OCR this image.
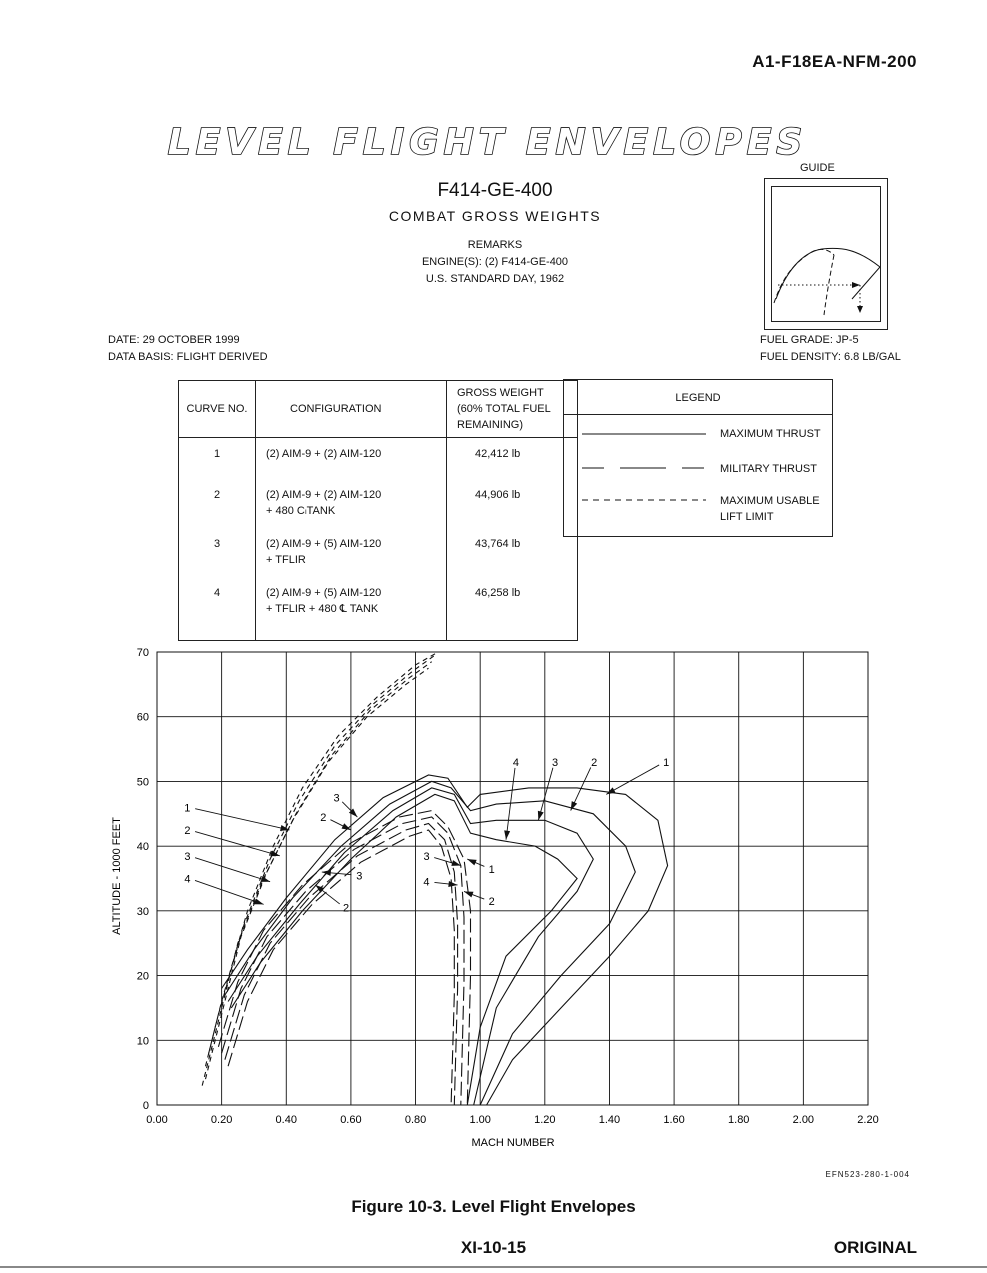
A1-F18EA-NFM-200
LEVEL FLIGHT ENVELOPES
F414-GE-400
COMBAT GROSS WEIGHTS
REMARKS
ENGINE(S): (2) F414-GE-400
U.S. STANDARD DAY, 1962
GUIDE
DATE: 29 OCTOBER 1999
DATA BASIS: FLIGHT DERIVED
FUEL GRADE: JP-5
FUEL DENSITY: 6.8 LB/GAL
CURVE NO.	CONFIGURATION	GROSS WEIGHT
(60% TOTAL FUEL
REMAINING)

1	(2) AIM-9 + (2) AIM-120	42,412 lb
2	(2) AIM-9 + (2) AIM-120
+ 480 CₗTANK	44,906 lb
3	(2) AIM-9 + (5) AIM-120
+ TFLIR	43,764 lb
4	(2) AIM-9 + (5) AIM-120
+ TFLIR + 480 ℄ TANK	46,258 lb
LEGEND
MAXIMUM THRUST
MILITARY THRUST
MAXIMUM USABLE
LIFT LIMIT
1
2
3
4
3
2
3
2
3
1
4
2
4	3	2	1
0.00	0.20	0.40	0.60	0.80	1.00	1.20	1.40	1.60	1.80	2.00	2.20
0
10
20
30
40
50
60
70
MACH NUMBER
ALTITUDE - 1000 FEET
EFN523-280-1-004
Figure 10-3. Level Flight Envelopes
XI-10-15	ORIGINAL
